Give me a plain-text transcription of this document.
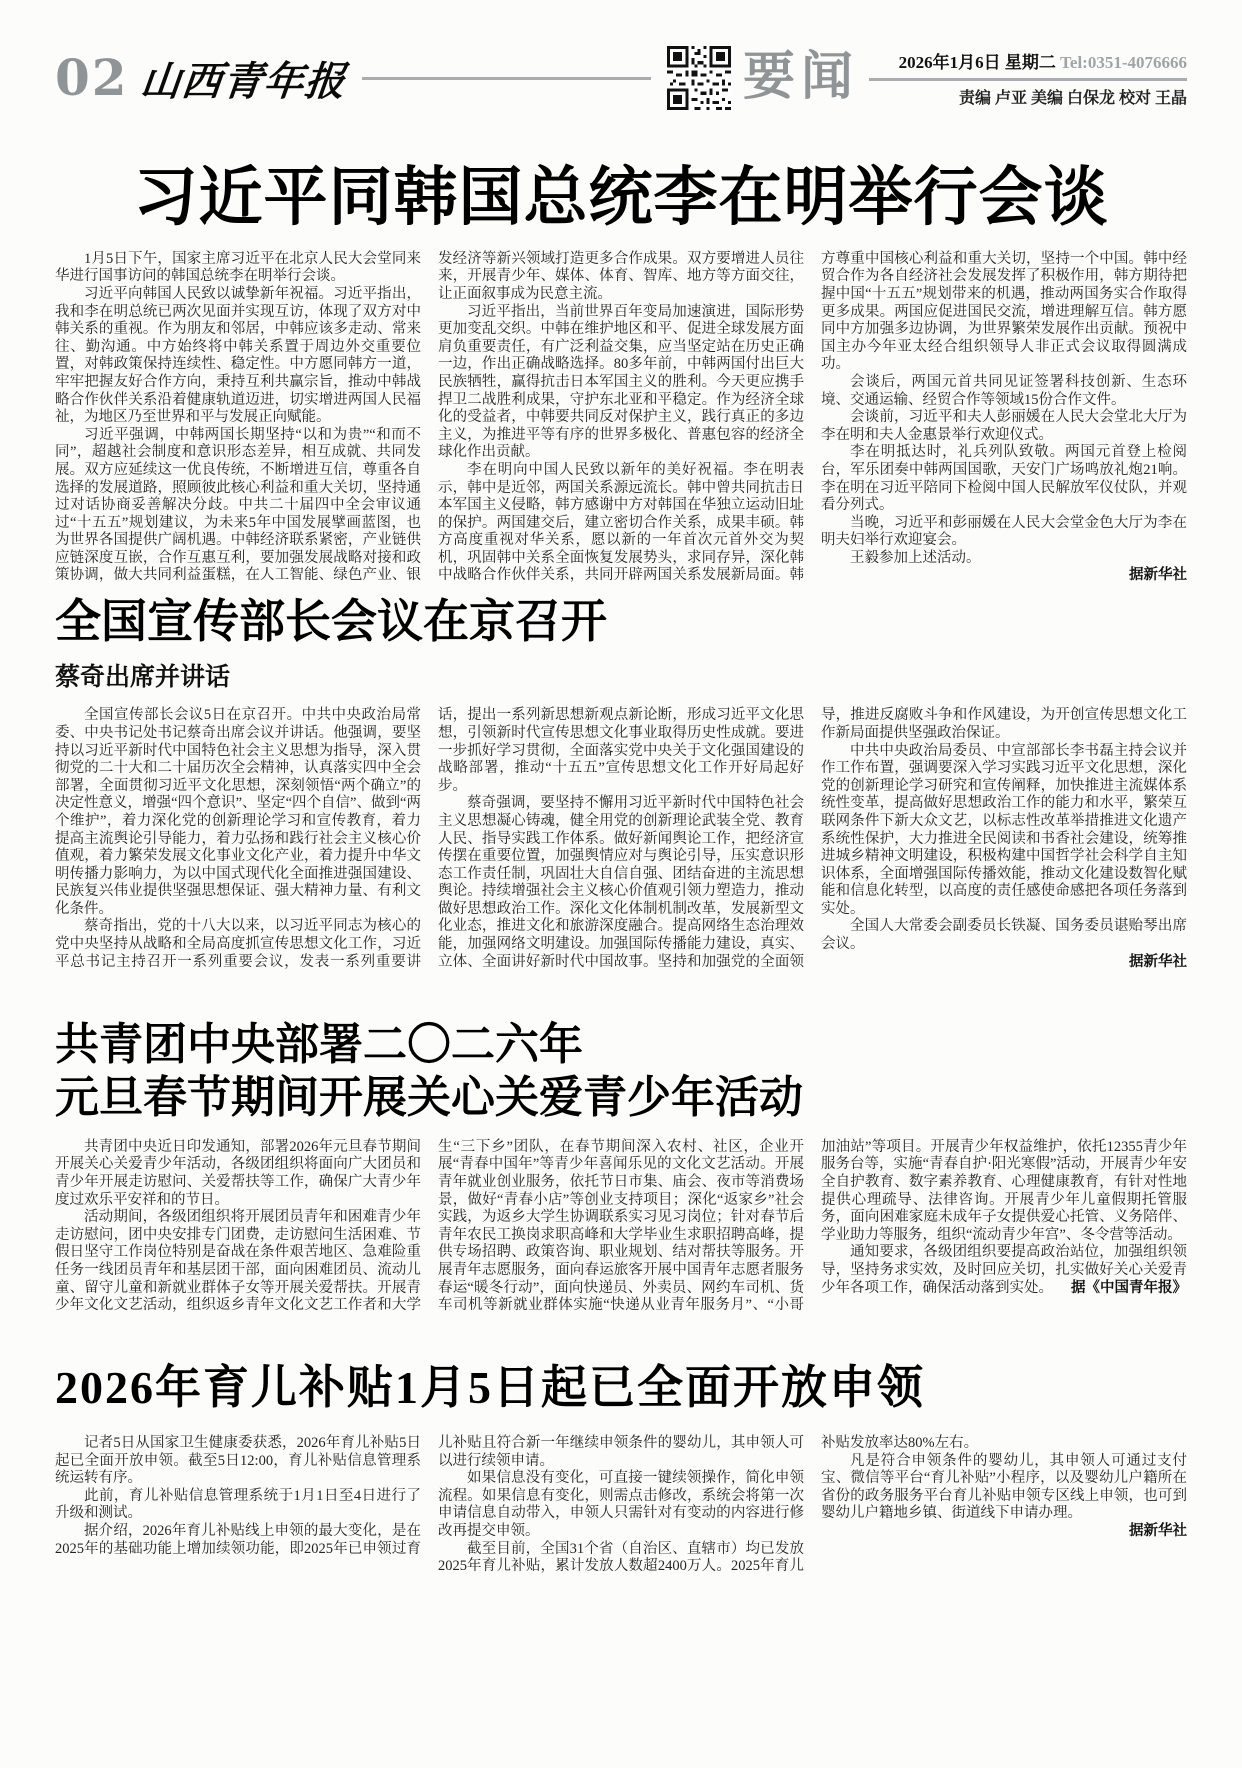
02 山西青年报	要闻	2026年1月6日 星期二 Tel:0351-4076666
责编 卢亚 美编 白保龙 校对 王晶
习近平同韩国总统李在明举行会谈

1月5日下午，国家主席习近平在北京人民大会堂同来华进行国事访问的韩国总统李在明举行会谈。

习近平向韩国人民致以诚挚新年祝福。习近平指出，我和李在明总统已两次见面并实现互访，体现了双方对中韩关系的重视。作为朋友和邻居，中韩应该多走动、常来往、勤沟通。中方始终将中韩关系置于周边外交重要位置，对韩政策保持连续性、稳定性。中方愿同韩方一道，牢牢把握友好合作方向，秉持互利共赢宗旨，推动中韩战略合作伙伴关系沿着健康轨道迈进，切实增进两国人民福祉，为地区乃至世界和平与发展正向赋能。

习近平强调，中韩两国长期坚持“以和为贵”“和而不同”，超越社会制度和意识形态差异，相互成就、共同发展。双方应延续这一优良传统，不断增进互信，尊重各自选择的发展道路，照顾彼此核心利益和重大关切，坚持通过对话协商妥善解决分歧。中共二十届四中全会审议通过“十五五”规划建议，为未来5年中国发展擘画蓝图，也为世界各国提供广阔机遇。中韩经济联系紧密，产业链供应链深度互嵌，合作互惠互利，要加强发展战略对接和政策协调，做大共同利益蛋糕，在人工智能、绿色产业、银发经济等新兴领域打造更多合作成果。双方要增进人员往来，开展青少年、媒体、体育、智库、地方等方面交往，让正面叙事成为民意主流。

习近平指出，当前世界百年变局加速演进，国际形势更加变乱交织。中韩在维护地区和平、促进全球发展方面肩负重要责任，有广泛利益交集，应当坚定站在历史正确一边，作出正确战略选择。80多年前，中韩两国付出巨大民族牺牲，赢得抗击日本军国主义的胜利。今天更应携手捍卫二战胜利成果，守护东北亚和平稳定。作为经济全球化的受益者，中韩要共同反对保护主义，践行真正的多边主义，为推进平等有序的世界多极化、普惠包容的经济全球化作出贡献。

李在明向中国人民致以新年的美好祝福。李在明表示，韩中是近邻，两国关系源远流长。韩中曾共同抗击日本军国主义侵略，韩方感谢中方对韩国在华独立运动旧址的保护。两国建交后，建立密切合作关系，成果丰硕。韩方高度重视对华关系，愿以新的一年首次元首外交为契机，巩固韩中关系全面恢复发展势头，求同存异，深化韩中战略合作伙伴关系，共同开辟两国关系发展新局面。韩方尊重中国核心利益和重大关切，坚持一个中国。韩中经贸合作为各自经济社会发展发挥了积极作用，韩方期待把握中国“十五五”规划带来的机遇，推动两国务实合作取得更多成果。两国应促进国民交流，增进理解互信。韩方愿同中方加强多边协调，为世界繁荣发展作出贡献。预祝中国主办今年亚太经合组织领导人非正式会议取得圆满成功。

会谈后，两国元首共同见证签署科技创新、生态环境、交通运输、经贸合作等领域15份合作文件。

会谈前，习近平和夫人彭丽媛在人民大会堂北大厅为李在明和夫人金惠景举行欢迎仪式。

李在明抵达时，礼兵列队致敬。两国元首登上检阅台，军乐团奏中韩两国国歌，天安门广场鸣放礼炮21响。李在明在习近平陪同下检阅中国人民解放军仪仗队，并观看分列式。

当晚，习近平和彭丽媛在人民大会堂金色大厅为李在明夫妇举行欢迎宴会。

王毅参加上述活动。

据新华社

全国宣传部长会议在京召开
蔡奇出席并讲话

全国宣传部长会议5日在京召开。中共中央政治局常委、中央书记处书记蔡奇出席会议并讲话。他强调，要坚持以习近平新时代中国特色社会主义思想为指导，深入贯彻党的二十大和二十届历次全会精神，认真落实四中全会部署，全面贯彻习近平文化思想，深刻领悟“两个确立”的决定性意义，增强“四个意识”、坚定“四个自信”、做到“两个维护”，着力深化党的创新理论学习和宣传教育，着力提高主流舆论引导能力，着力弘扬和践行社会主义核心价值观，着力繁荣发展文化事业文化产业，着力提升中华文明传播力影响力，为以中国式现代化全面推进强国建设、民族复兴伟业提供坚强思想保证、强大精神力量、有利文化条件。

蔡奇指出，党的十八大以来，以习近平同志为核心的党中央坚持从战略和全局高度抓宣传思想文化工作，习近平总书记主持召开一系列重要会议，发表一系列重要讲话，提出一系列新思想新观点新论断，形成习近平文化思想，引领新时代宣传思想文化事业取得历史性成就。要进一步抓好学习贯彻，全面落实党中央关于文化强国建设的战略部署，推动“十五五”宣传思想文化工作开好局起好步。

蔡奇强调，要坚持不懈用习近平新时代中国特色社会主义思想凝心铸魂，健全用党的创新理论武装全党、教育人民、指导实践工作体系。做好新闻舆论工作，把经济宣传摆在重要位置，加强舆情应对与舆论引导，压实意识形态工作责任制，巩固壮大自信自强、团结奋进的主流思想舆论。持续增强社会主义核心价值观引领力塑造力，推动做好思想政治工作。深化文化体制机制改革，发展新型文化业态，推进文化和旅游深度融合。提高网络生态治理效能，加强网络文明建设。加强国际传播能力建设，真实、立体、全面讲好新时代中国故事。坚持和加强党的全面领导，推进反腐败斗争和作风建设，为开创宣传思想文化工作新局面提供坚强政治保证。

中共中央政治局委员、中宣部部长李书磊主持会议并作工作布置，强调要深入学习实践习近平文化思想，深化党的创新理论学习研究和宣传阐释，加快推进主流媒体系统性变革，提高做好思想政治工作的能力和水平，繁荣互联网条件下新大众文艺，以标志性改革举措推进文化遗产系统性保护，大力推进全民阅读和书香社会建设，统筹推进城乡精神文明建设，积极构建中国哲学社会科学自主知识体系，全面增强国际传播效能，推动文化建设数智化赋能和信息化转型，以高度的责任感使命感把各项任务落到实处。

全国人大常委会副委员长铁凝、国务委员谌贻琴出席会议。

据新华社

共青团中央部署二〇二六年
元旦春节期间开展关心关爱青少年活动

共青团中央近日印发通知，部署2026年元旦春节期间开展关心关爱青少年活动，各级团组织将面向广大团员和青少年开展走访慰问、关爱帮扶等工作，确保广大青少年度过欢乐平安祥和的节日。

活动期间，各级团组织将开展团员青年和困难青少年走访慰问，团中央安排专门团费，走访慰问生活困难、节假日坚守工作岗位特别是奋战在条件艰苦地区、急难险重任务一线团员青年和基层团干部，面向困难团员、流动儿童、留守儿童和新就业群体子女等开展关爱帮扶。开展青少年文化文艺活动，组织返乡青年文化文艺工作者和大学生“三下乡”团队，在春节期间深入农村、社区，企业开展“青春中国年”等青少年喜闻乐见的文化文艺活动。开展青年就业创业服务，依托节日市集、庙会、夜市等消费场景，做好“青春小店”等创业支持项目；深化“返家乡”社会实践，为返乡大学生协调联系实习见习岗位；针对春节后青年农民工换岗求职高峰和大学毕业生求职招聘高峰，提供专场招聘、政策咨询、职业规划、结对帮扶等服务。开展青年志愿服务，面向春运旅客开展中国青年志愿者服务春运“暖冬行动”，面向快递员、外卖员、网约车司机、货车司机等新就业群体实施“快递从业青年服务月”、“小哥加油站”等项目。开展青少年权益维护，依托12355青少年服务台等，实施“青春自护·阳光寒假”活动，开展青少年安全自护教育、数字素养教育、心理健康教育，有针对性地提供心理疏导、法律咨询。开展青少年儿童假期托管服务，面向困难家庭未成年子女提供爱心托管、义务陪伴、学业助力等服务，组织“流动青少年宫”、冬令营等活动。

通知要求，各级团组织要提高政治站位，加强组织领导，坚持务求实效，及时回应关切，扎实做好关心关爱青少年各项工作，确保活动落到实处。	据《中国青年报》

2026年育儿补贴1月5日起已全面开放申领

记者5日从国家卫生健康委获悉，2026年育儿补贴5日起已全面开放申领。截至5日12:00，育儿补贴信息管理系统运转有序。

此前，育儿补贴信息管理系统于1月1日至4日进行了升级和测试。

据介绍，2026年育儿补贴线上申领的最大变化，是在2025年的基础功能上增加续领功能，即2025年已申领过育儿补贴且符合新一年继续申领条件的婴幼儿，其申领人可以进行续领申请。

如果信息没有变化，可直接一键续领操作，简化申领流程。如果信息有变化，则需点击修改，系统会将第一次申请信息自动带入，申领人只需针对有变动的内容进行修改再提交申领。

截至目前，全国31个省（自治区、直辖市）均已发放2025年育儿补贴，累计发放人数超2400万人。2025年育儿补贴发放率达80%左右。

凡是符合申领条件的婴幼儿，其申领人可通过支付宝、微信等平台“育儿补贴”小程序，以及婴幼儿户籍所在省份的政务服务平台育儿补贴申领专区线上申领，也可到婴幼儿户籍地乡镇、街道线下申请办理。

据新华社
